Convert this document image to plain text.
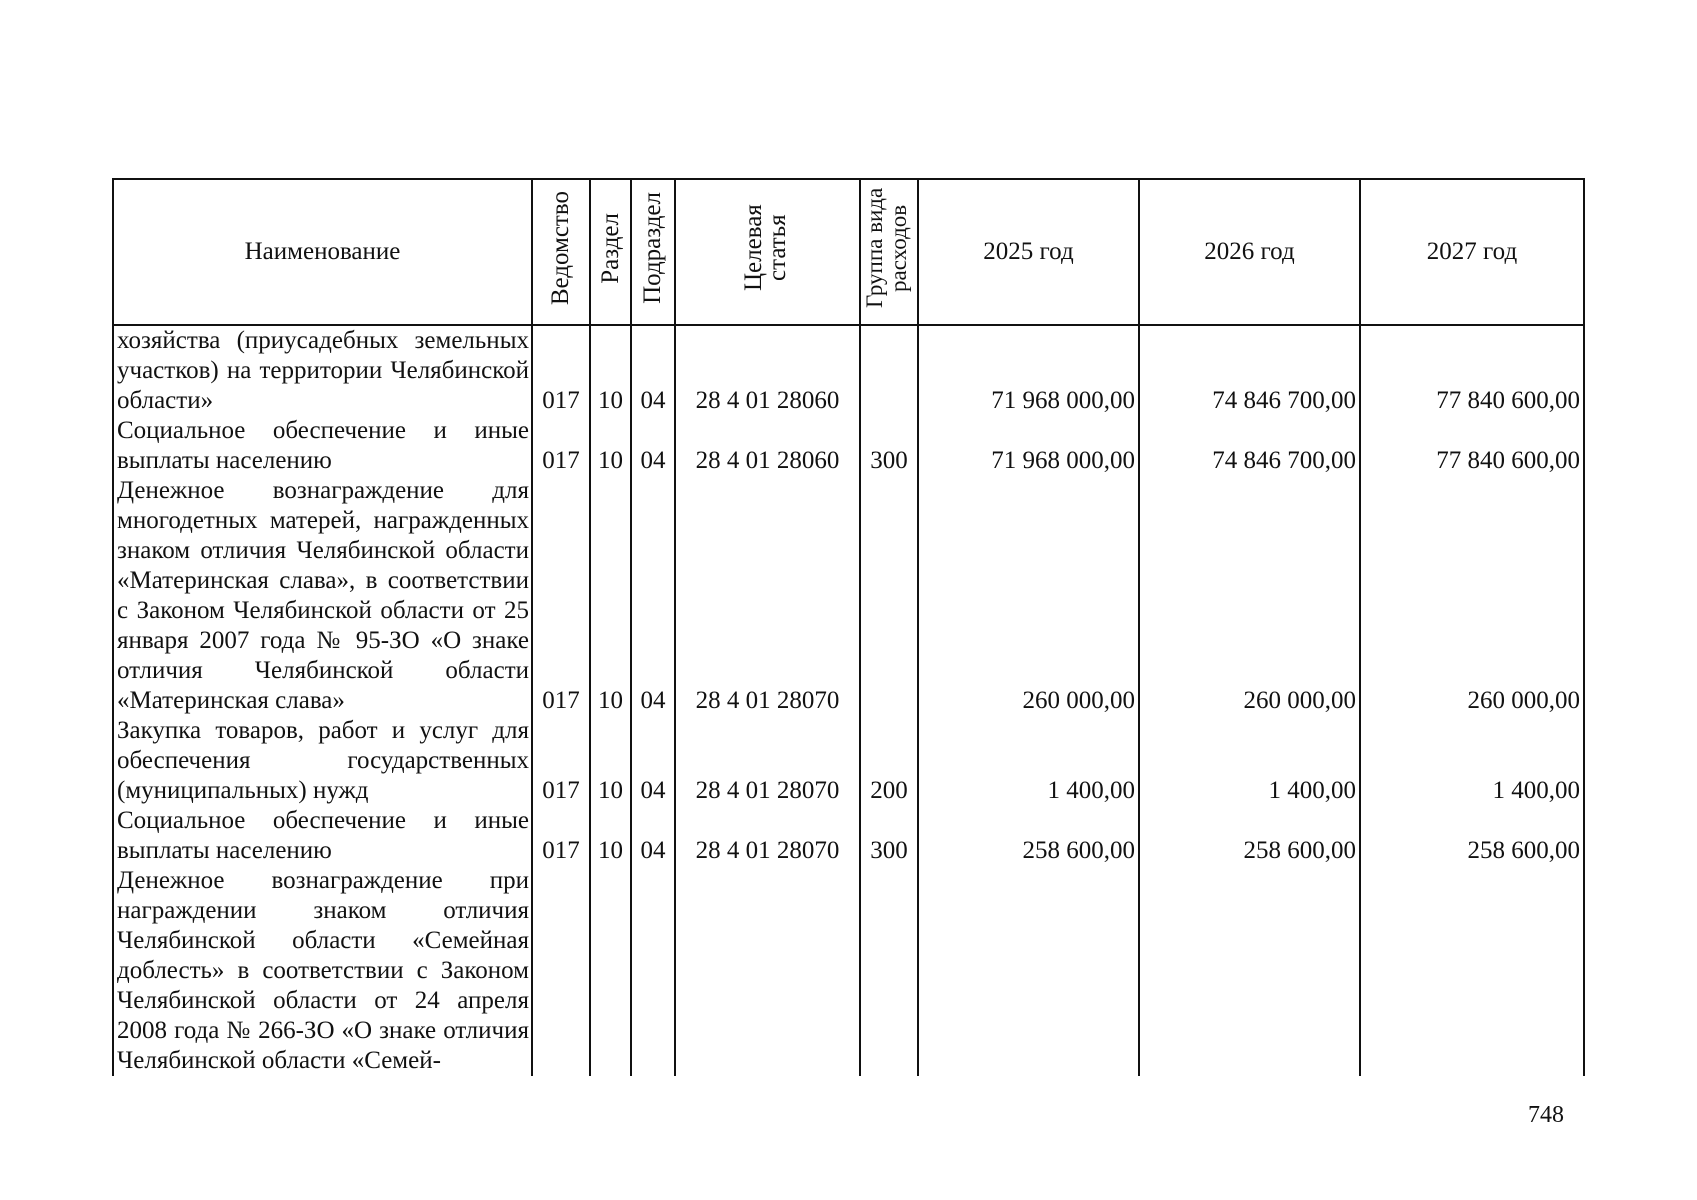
Наименование	Ведомство	Раздел	Подраздел	Целевая статья	Группа вида расходов	2025 год	2026 год	2027 год
хозяйства (приусадебных земельных участков) на территории Челябинской области»	017	10	04	28 4 01 28060		71 968 000,00	74 846 700,00	77 840 600,00
Социальное обеспечение и иные выплаты населению	017	10	04	28 4 01 28060	300	71 968 000,00	74 846 700,00	77 840 600,00
Денежное вознаграждение для многодетных матерей, награжденных знаком отличия Челябинской области «Материнская слава», в соответствии с Законом Челябинской области от 25 января 2007 года № 95-ЗО «О знаке отличия Челябинской области «Материнская слава»	017	10	04	28 4 01 28070		260 000,00	260 000,00	260 000,00
Закупка товаров, работ и услуг для обеспечения государственных (муниципальных) нужд	017	10	04	28 4 01 28070	200	1 400,00	1 400,00	1 400,00
Социальное обеспечение и иные выплаты населению	017	10	04	28 4 01 28070	300	258 600,00	258 600,00	258 600,00
Денежное вознаграждение при награждении знаком отличия Челябинской области «Семейная доблесть» в соответствии с Законом Челябинской области от 24 апреля 2008 года № 266-ЗО «О знаке отличия Челябинской области «Семей-								
748
